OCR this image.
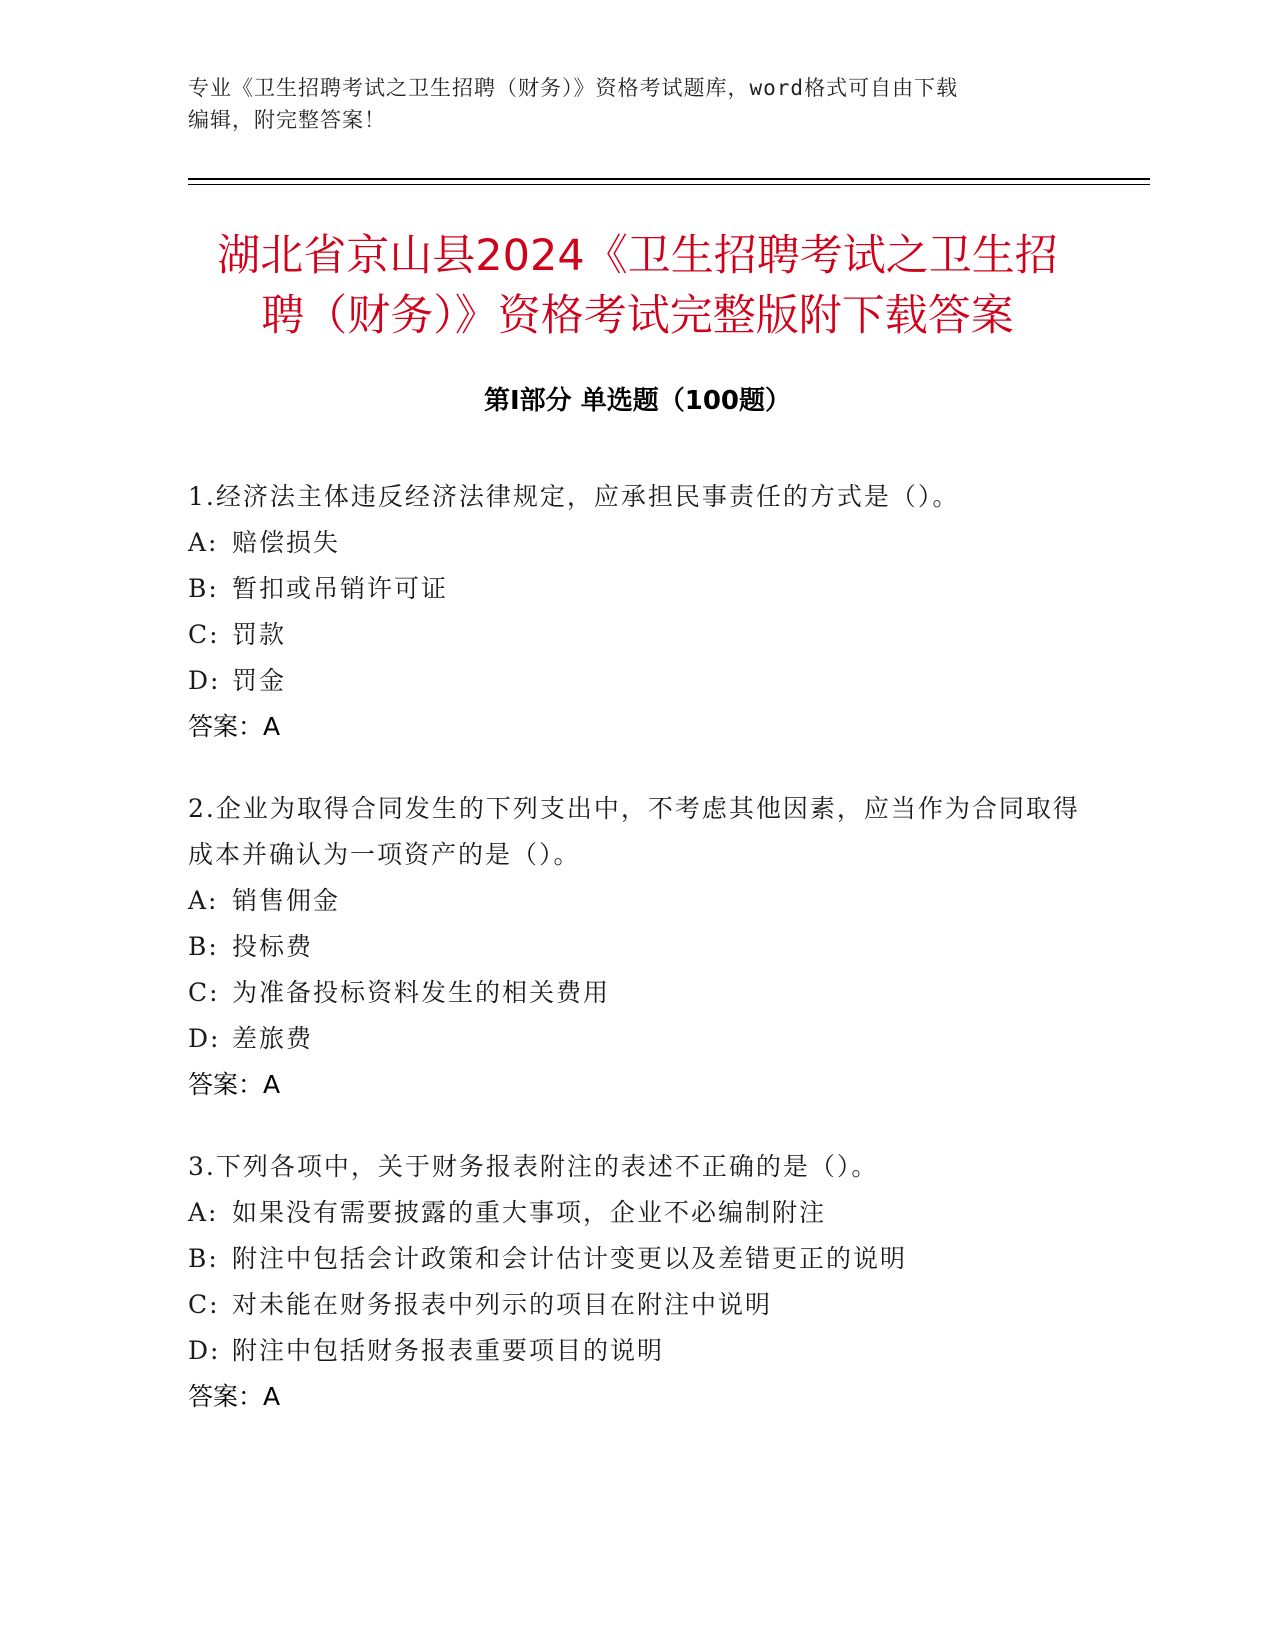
专业《卫生招聘考试之卫生招聘（财务）》资格考试题库，word格式可自由下载
编辑，附完整答案！
湖北省京山县2024《卫生招聘考试之卫生招
聘（财务）》资格考试完整版附下载答案
第Ⅰ部分 单选题（100题）
1.经济法主体违反经济法律规定，应承担民事责任的方式是（）。
A: 赔偿损失
B: 暂扣或吊销许可证
C: 罚款
D: 罚金
答案：A
2.企业为取得合同发生的下列支出中，不考虑其他因素，应当作为合同取得成本并确认为一项资产的是（）。
A: 销售佣金
B: 投标费
C: 为准备投标资料发生的相关费用
D: 差旅费
答案：A
3.下列各项中，关于财务报表附注的表述不正确的是（）。
A: 如果没有需要披露的重大事项，企业不必编制附注
B: 附注中包括会计政策和会计估计变更以及差错更正的说明
C: 对未能在财务报表中列示的项目在附注中说明
D: 附注中包括财务报表重要项目的说明
答案：A
